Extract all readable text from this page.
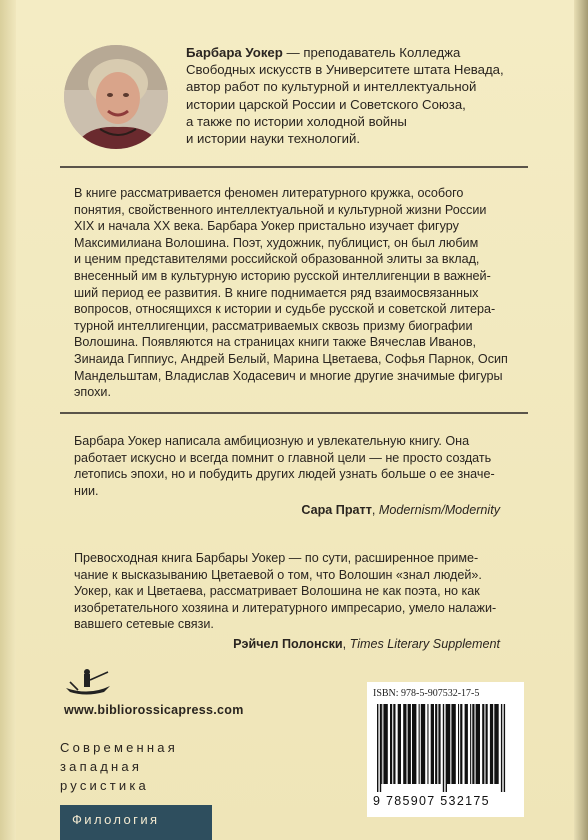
Барбара Уокер — преподаватель Колледжа
Свободных искусств в Университете штата Невада,
автор работ по культурной и интеллектуальной
истории царской России и Советского Союза,
а также по истории холодной войны
и истории науки технологий.
В книге рассматривается феномен литературного кружка, особого
понятия, свойственного интеллектуальной и культурной жизни России
XIX и начала XX века. Барбара Уокер пристально изучает фигуру
Максимилиана Волошина. Поэт, художник, публицист, он был любим
и ценим представителями российской образованной элиты за вклад,
внесенный им в культурную историю русской интеллигенции в важней-
ший период ее развития. В книге поднимается ряд взаимосвязанных
вопросов, относящихся к истории и судьбе русской и советской литера-
турной интеллигенции, рассматриваемых сквозь призму биографии
Волошина. Появляются на страницах книги также Вячеслав Иванов,
Зинаида Гиппиус, Андрей Белый, Марина Цветаева, Софья Парнок, Осип
Мандельштам, Владислав Ходасевич и многие другие значимые фигуры
эпохи.
Барбара Уокер написала амбициозную и увлекательную книгу. Она
работает искусно и всегда помнит о главной цели — не просто создать
летопись эпохи, но и побудить других людей узнать больше о ее значе-
нии.
Сара Пратт, Modernism/Modernity
Превосходная книга Барбары Уокер — по сути, расширенное приме-
чание к высказыванию Цветаевой о том, что Волошин «знал людей».
Уокер, как и Цветаева, рассматривает Волошина не как поэта, но как
изобретательного хозяина и литературного импресарио, умело налажи-
вавшего сетевые связи.
Рэйчел Полонски, Times Literary Supplement
www.bibliorossicapress.com
Современная
западная
русистика
Филология
ISBN: 978-5-907532-17-5
9 785907 532175
